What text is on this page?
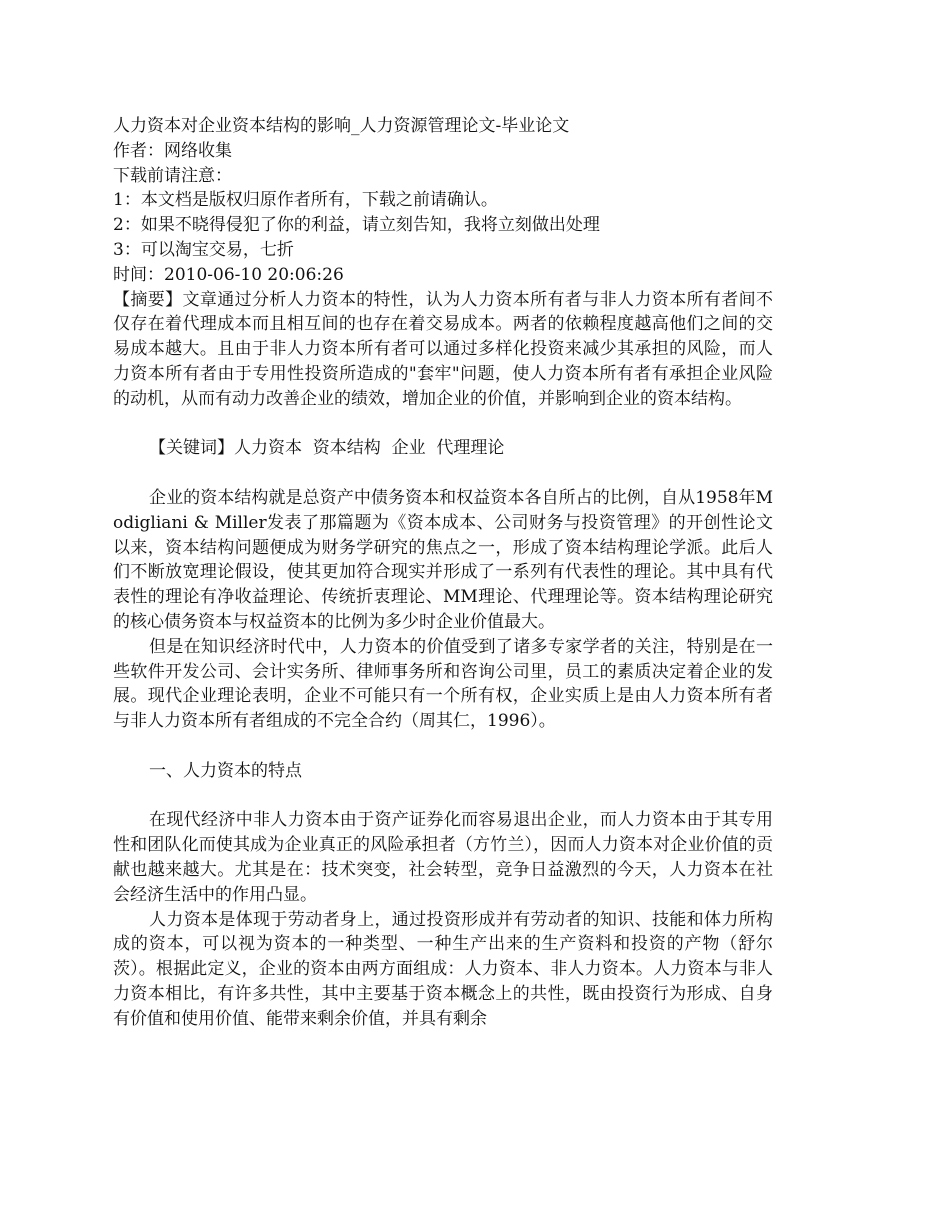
人力资本对企业资本结构的影响_人力资源管理论文-毕业论文
作者：网络收集
下载前请注意：
1：本文档是版权归原作者所有，下载之前请确认。
2：如果不晓得侵犯了你的利益，请立刻告知，我将立刻做出处理
3：可以淘宝交易，七折
时间：2010-06-10 20:06:26
【摘要】文章通过分析人力资本的特性，认为人力资本所有者与非人力资本所有者间不仅存在着代理成本而且相互间的也存在着交易成本。两者的依赖程度越高他们之间的交易成本越大。且由于非人力资本所有者可以通过多样化投资来减少其承担的风险，而人力资本所有者由于专用性投资所造成的"套牢"问题，使人力资本所有者有承担企业风险的动机，从而有动力改善企业的绩效，增加企业的价值，并影响到企业的资本结构。
【关键词】人力资本  资本结构  企业  代理理论
企业的资本结构就是总资产中债务资本和权益资本各自所占的比例，自从1958年Modigliani & Miller发表了那篇题为《资本成本、公司财务与投资管理》的开创性论文以来，资本结构问题便成为财务学研究的焦点之一，形成了资本结构理论学派。此后人们不断放宽理论假设，使其更加符合现实并形成了一系列有代表性的理论。其中具有代表性的理论有净收益理论、传统折衷理论、MM理论、代理理论等。资本结构理论研究的核心债务资本与权益资本的比例为多少时企业价值最大。
但是在知识经济时代中，人力资本的价值受到了诸多专家学者的关注，特别是在一些软件开发公司、会计实务所、律师事务所和咨询公司里，员工的素质决定着企业的发展。现代企业理论表明，企业不可能只有一个所有权，企业实质上是由人力资本所有者与非人力资本所有者组成的不完全合约（周其仁，1996）。
一、人力资本的特点
在现代经济中非人力资本由于资产证券化而容易退出企业，而人力资本由于其专用性和团队化而使其成为企业真正的风险承担者（方竹兰），因而人力资本对企业价值的贡献也越来越大。尤其是在：技术突变，社会转型，竞争日益激烈的今天，人力资本在社会经济生活中的作用凸显。
人力资本是体现于劳动者身上，通过投资形成并有劳动者的知识、技能和体力所构成的资本，可以视为资本的一种类型、一种生产出来的生产资料和投资的产物（舒尔茨）。根据此定义，企业的资本由两方面组成：人力资本、非人力资本。人力资本与非人力资本相比，有许多共性，其中主要基于资本概念上的共性，既由投资行为形成、自身有价值和使用价值、能带来剩余价值，并具有剩余
